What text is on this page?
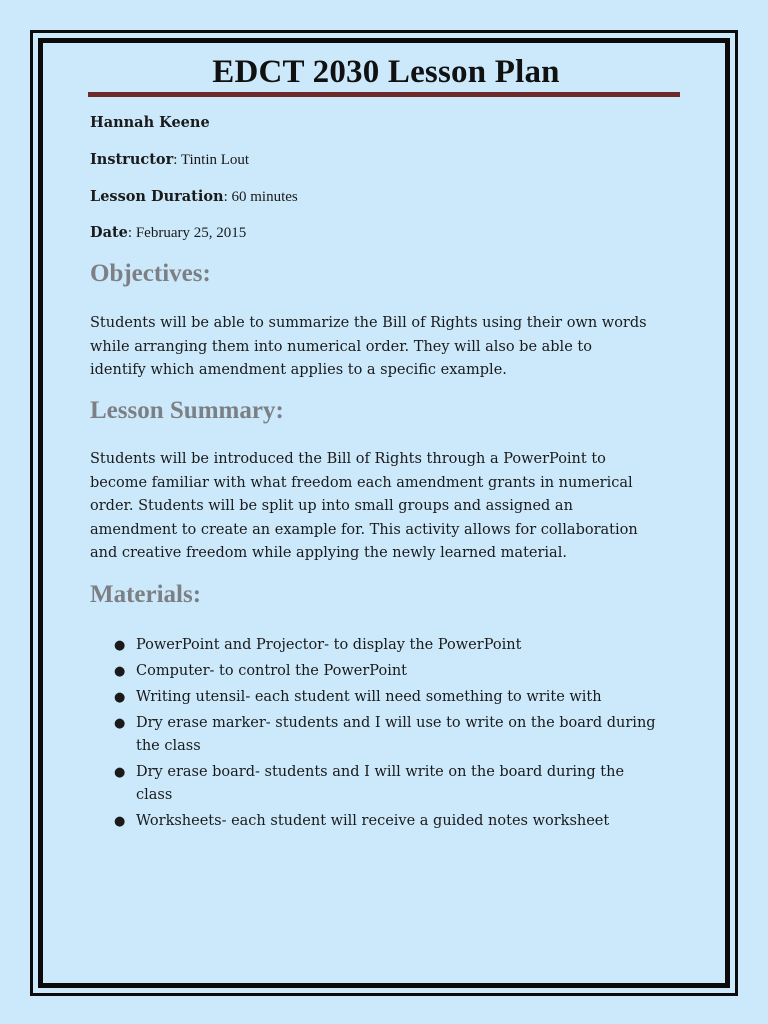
EDCT 2030 Lesson Plan
Hannah Keene
Instructor: Tintin Lout
Lesson Duration: 60 minutes
Date: February 25, 2015
Objectives:

Students will be able to summarize the Bill of Rights using their own words
while arranging them into numerical order. They will also be able to
identify which amendment applies to a specific example.

Lesson Summary:

Students will be introduced the Bill of Rights through a PowerPoint to
become familiar with what freedom each amendment grants in numerical
order. Students will be split up into small groups and assigned an
amendment to create an example for. This activity allows for collaboration
and creative freedom while applying the newly learned material.

Materials:
● PowerPoint and Projector- to display the PowerPoint
● Computer- to control the PowerPoint
● Writing utensil- each student will need something to write with
● Dry erase marker- students and I will use to write on the board during
the class
● Dry erase board- students and I will write on the board during the
class
● Worksheets- each student will receive a guided notes worksheet
